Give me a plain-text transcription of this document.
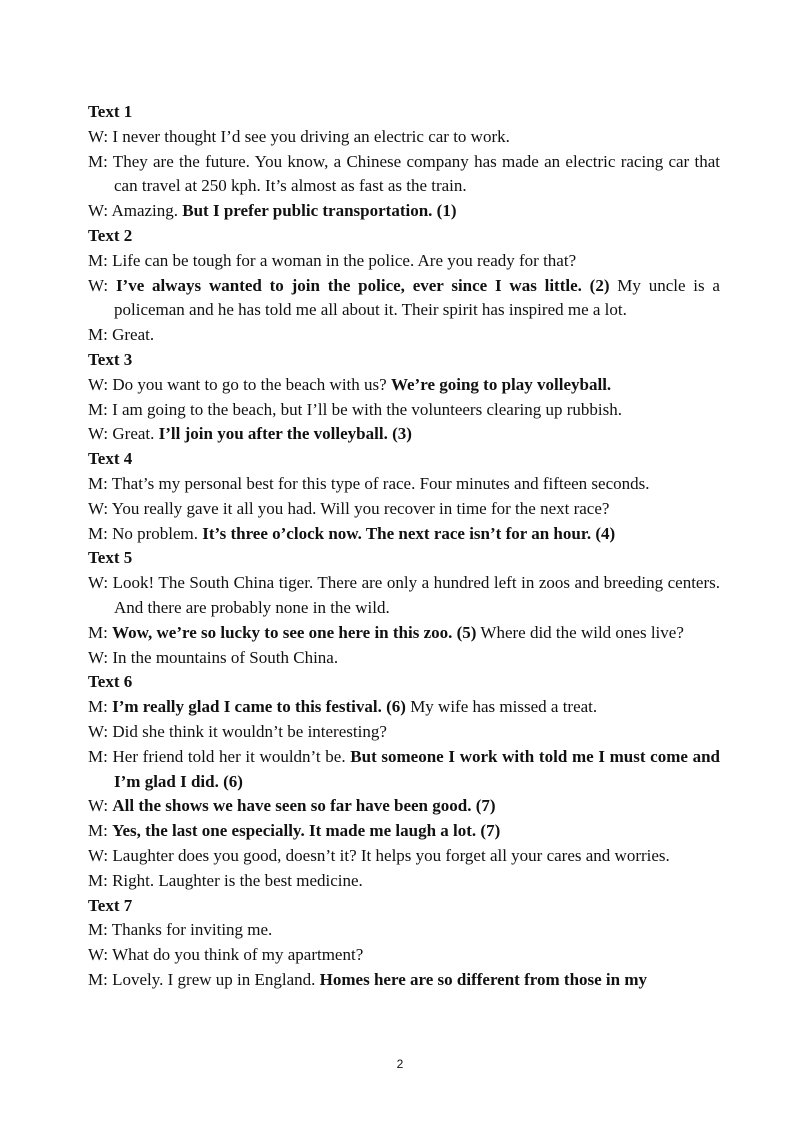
Text 1
W: I never thought I’d see you driving an electric car to work.
M: They are the future. You know, a Chinese company has made an electric racing car that can travel at 250 kph. It’s almost as fast as the train.
W: Amazing. But I prefer public transportation. (1)
Text 2
M: Life can be tough for a woman in the police. Are you ready for that?
W: I’ve always wanted to join the police, ever since I was little. (2) My uncle is a policeman and he has told me all about it. Their spirit has inspired me a lot.
M: Great.
Text 3
W: Do you want to go to the beach with us? We’re going to play volleyball.
M: I am going to the beach, but I’ll be with the volunteers clearing up rubbish.
W: Great. I’ll join you after the volleyball. (3)
Text 4
M: That’s my personal best for this type of race. Four minutes and fifteen seconds.
W: You really gave it all you had. Will you recover in time for the next race?
M: No problem. It’s three o’clock now. The next race isn’t for an hour. (4)
Text 5
W: Look! The South China tiger. There are only a hundred left in zoos and breeding centers. And there are probably none in the wild.
M: Wow, we’re so lucky to see one here in this zoo. (5) Where did the wild ones live?
W: In the mountains of South China.
Text 6
M: I’m really glad I came to this festival. (6) My wife has missed a treat.
W: Did she think it wouldn’t be interesting?
M: Her friend told her it wouldn’t be. But someone I work with told me I must come and I’m glad I did. (6)
W: All the shows we have seen so far have been good. (7)
M: Yes, the last one especially. It made me laugh a lot. (7)
W: Laughter does you good, doesn’t it? It helps you forget all your cares and worries.
M: Right. Laughter is the best medicine.
Text 7
M: Thanks for inviting me.
W: What do you think of my apartment?
M: Lovely. I grew up in England. Homes here are so different from those in my
2
